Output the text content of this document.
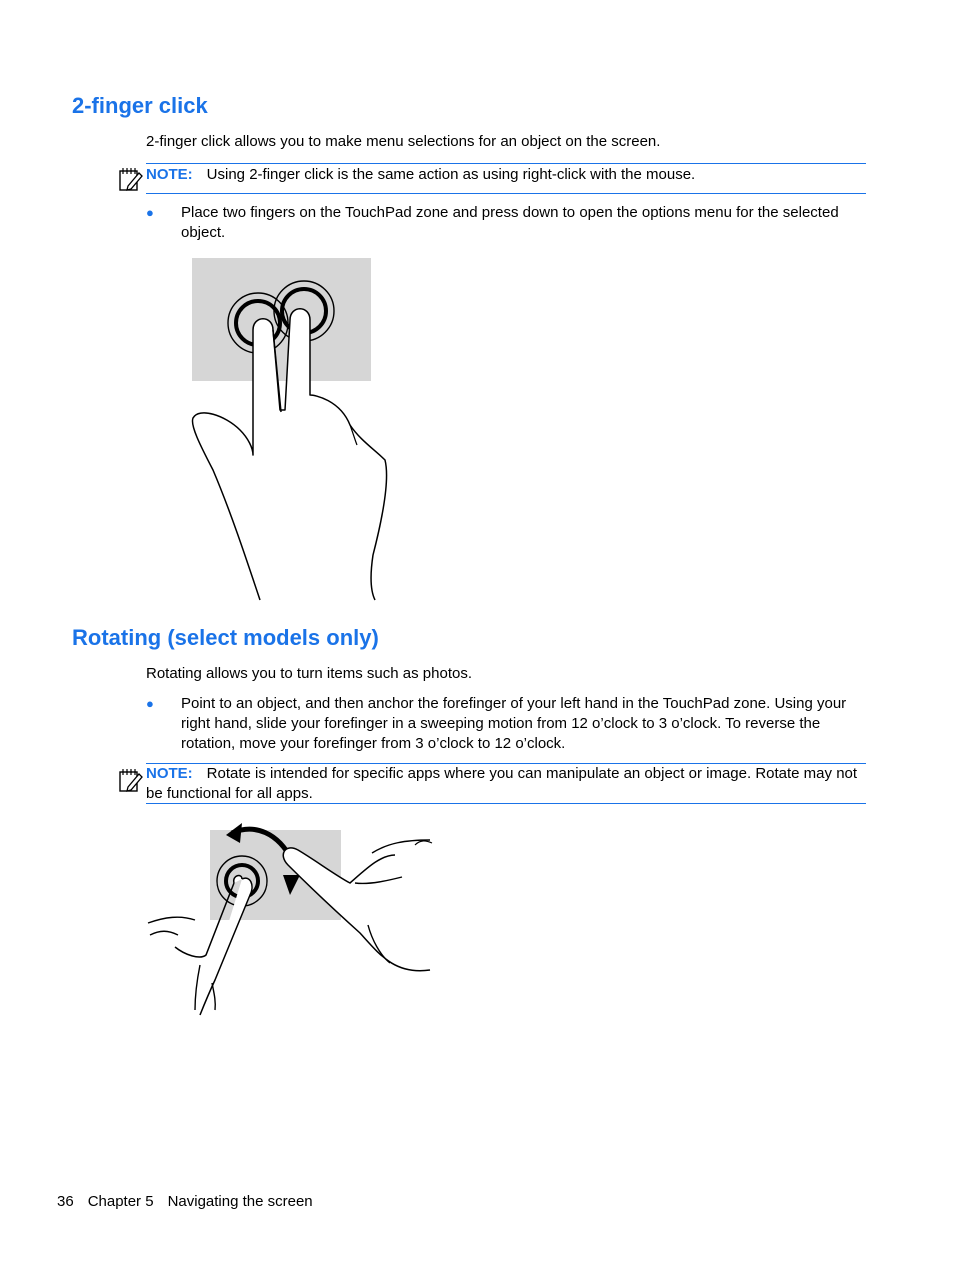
2-finger click
2-finger click allows you to make menu selections for an object on the screen.
NOTE: Using 2-finger click is the same action as using right-click with the mouse.
● Place two fingers on the TouchPad zone and press down to open the options menu for the selected object.
Rotating (select models only)
Rotating allows you to turn items such as photos.
● Point to an object, and then anchor the forefinger of your left hand in the TouchPad zone. Using your right hand, slide your forefinger in a sweeping motion from 12 o’clock to 3 o’clock. To reverse the rotation, move your forefinger from 3 o’clock to 12 o’clock.
NOTE: Rotate is intended for specific apps where you can manipulate an object or image. Rotate may not be functional for all apps.
36 Chapter 5 Navigating the screen
